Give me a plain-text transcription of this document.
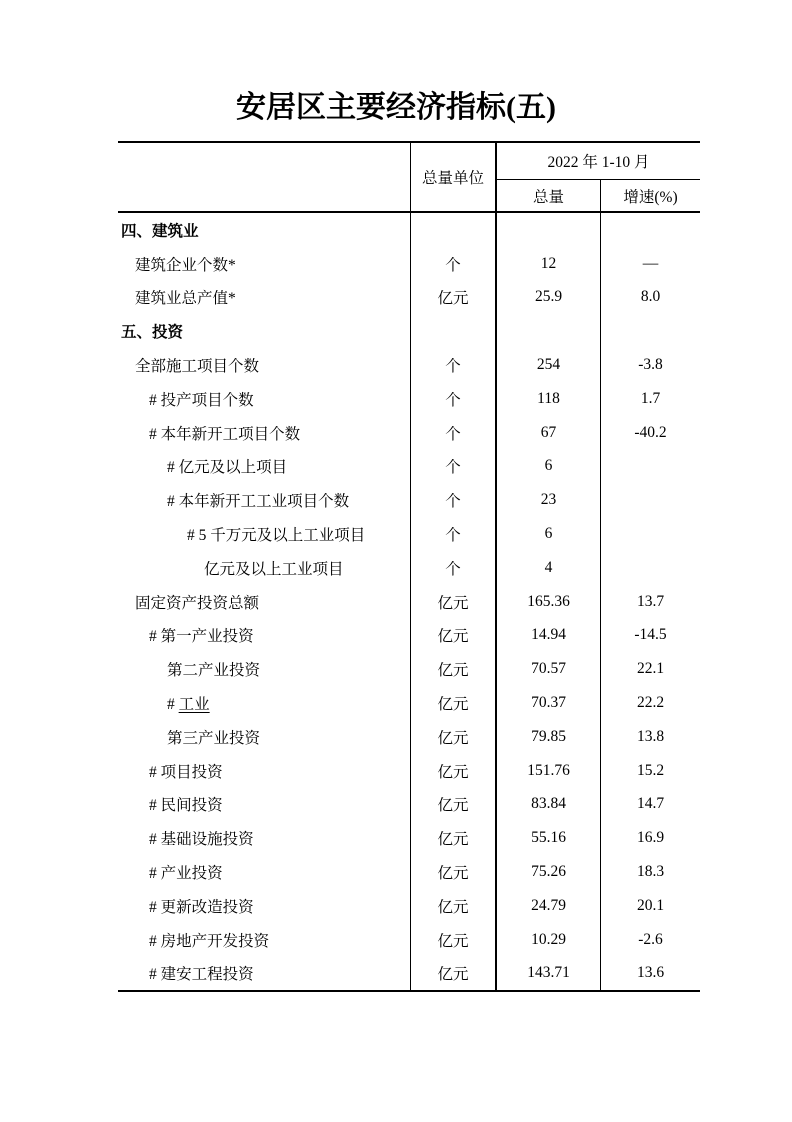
安居区主要经济指标(五)
总量单位
2022 年 1-10 月
总量	增速(%)
四、建筑业
建筑企业个数*	个	12	—
建筑业总产值*	亿元	25.9	8.0
五、投资
全部施工项目个数	个	254	-3.8
# 投产项目个数	个	118	1.7
# 本年新开工项目个数	个	67	-40.2
# 亿元及以上项目	个	6
# 本年新开工工业项目个数	个	23
# 5 千万元及以上工业项目	个	6
亿元及以上工业项目	个	4
固定资产投资总额	亿元	165.36	13.7
# 第一产业投资	亿元	14.94	-14.5
第二产业投资	亿元	70.57	22.1
# 工业	亿元	70.37	22.2
第三产业投资	亿元	79.85	13.8
# 项目投资	亿元	151.76	15.2
# 民间投资	亿元	83.84	14.7
# 基础设施投资	亿元	55.16	16.9
# 产业投资	亿元	75.26	18.3
# 更新改造投资	亿元	24.79	20.1
# 房地产开发投资	亿元	10.29	-2.6
# 建安工程投资	亿元	143.71	13.6
